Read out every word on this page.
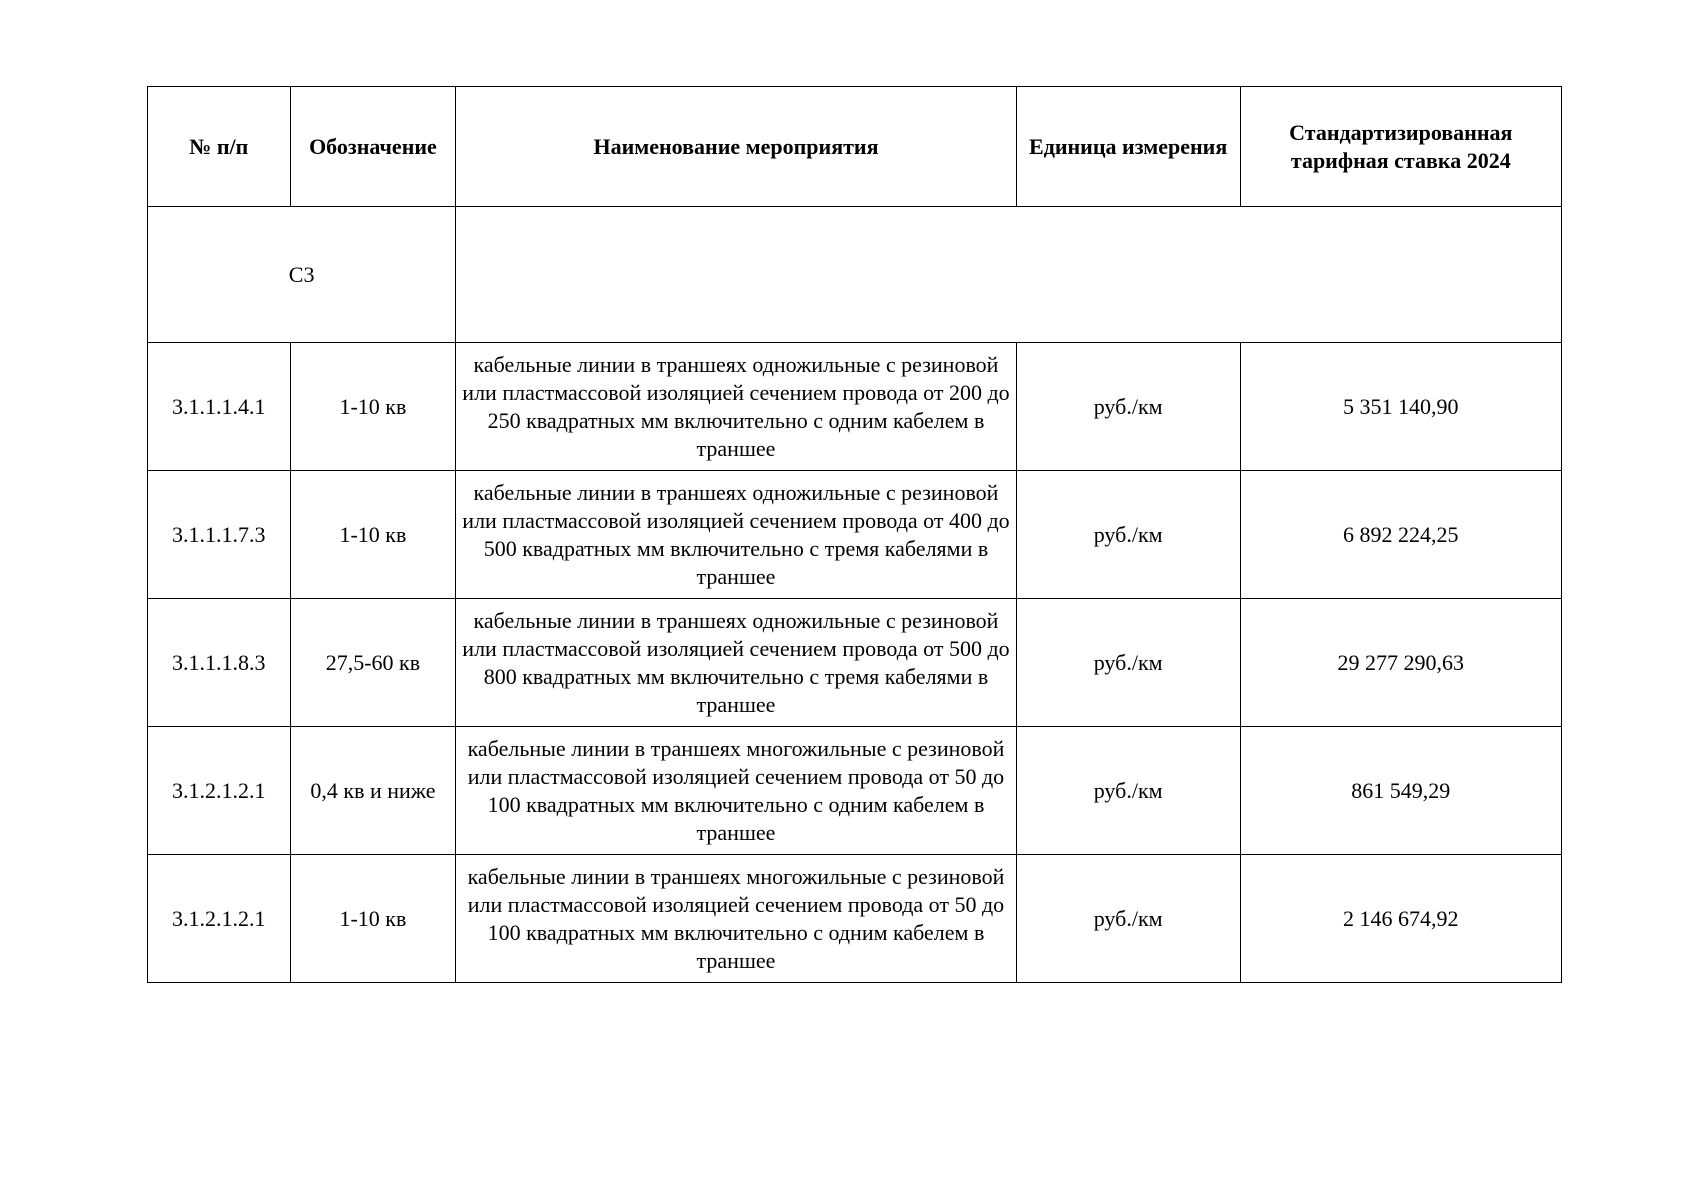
№ п/п	Обозначение	Наименование мероприятия	Единица измерения	Стандартизированная тарифная ставка 2024
С3				
3.1.1.1.4.1	1-10 кв	кабельные линии в траншеях одножильные с резиновой или пластмассовой изоляцией сечением провода от 200 до 250 квадратных мм включительно с одним кабелем в траншее	руб./км	5 351 140,90
3.1.1.1.7.3	1-10 кв	кабельные линии в траншеях одножильные с резиновой или пластмассовой изоляцией сечением провода от 400 до 500 квадратных мм включительно с тремя кабелями в траншее	руб./км	6 892 224,25
3.1.1.1.8.3	27,5-60 кв	кабельные линии в траншеях одножильные с резиновой или пластмассовой изоляцией сечением провода от 500 до 800 квадратных мм включительно с тремя кабелями в траншее	руб./км	29 277 290,63
3.1.2.1.2.1	0,4 кв и ниже	кабельные линии в траншеях многожильные с резиновой или пластмассовой изоляцией сечением провода от 50 до 100 квадратных мм включительно с одним кабелем в траншее	руб./км	861 549,29
3.1.2.1.2.1	1-10 кв	кабельные линии в траншеях многожильные с резиновой или пластмассовой изоляцией сечением провода от 50 до 100 квадратных мм включительно с одним кабелем в траншее	руб./км	2 146 674,92
